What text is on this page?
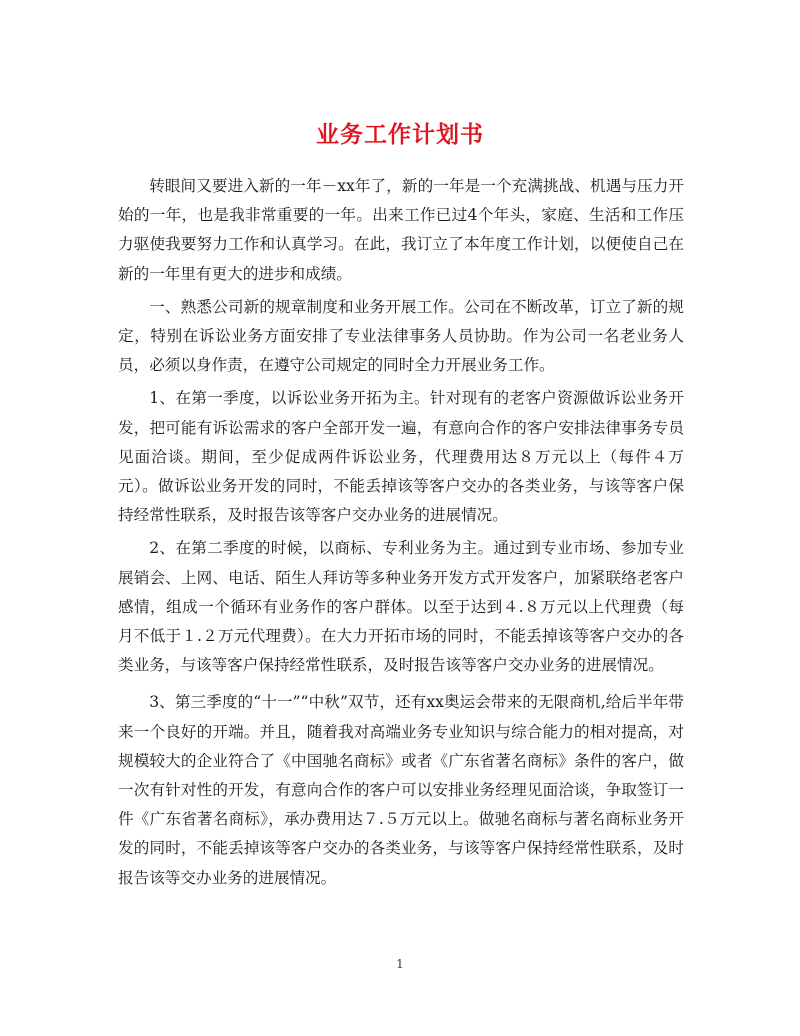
业务工作计划书

转眼间又要进入新的一年－xx年了，新的一年是一个充满挑战、机遇与压力开始的一年，也是我非常重要的一年。出来工作已过4个年头，家庭、生活和工作压力驱使我要努力工作和认真学习。在此，我订立了本年度工作计划，以便使自己在新的一年里有更大的进步和成绩。

一、熟悉公司新的规章制度和业务开展工作。公司在不断改革，订立了新的规定，特别在诉讼业务方面安排了专业法律事务人员协助。作为公司一名老业务人员，必须以身作责，在遵守公司规定的同时全力开展业务工作。

1、在第一季度，以诉讼业务开拓为主。针对现有的老客户资源做诉讼业务开发，把可能有诉讼需求的客户全部开发一遍，有意向合作的客户安排法律事务专员见面洽谈。期间，至少促成两件诉讼业务，代理费用达８万元以上（每件４万元）。做诉讼业务开发的同时，不能丢掉该等客户交办的各类业务，与该等客户保持经常性联系，及时报告该等客户交办业务的进展情况。

2、在第二季度的时候，以商标、专利业务为主。通过到专业市场、参加专业展销会、上网、电话、陌生人拜访等多种业务开发方式开发客户，加紧联络老客户感情，组成一个循环有业务作的客户群体。以至于达到４.８万元以上代理费（每月不低于１.２万元代理费）。在大力开拓市场的同时，不能丢掉该等客户交办的各类业务，与该等客户保持经常性联系，及时报告该等客户交办业务的进展情况。

3、第三季度的“十一”“中秋”双节，还有xx奥运会带来的无限商机,给后半年带来一个良好的开端。并且，随着我对高端业务专业知识与综合能力的相对提高，对规模较大的企业符合了《中国驰名商标》或者《广东省著名商标》条件的客户，做一次有针对性的开发，有意向合作的客户可以安排业务经理见面洽谈，争取签订一件《广东省著名商标》，承办费用达７.５万元以上。做驰名商标与著名商标业务开发的同时，不能丢掉该等客户交办的各类业务，与该等客户保持经常性联系，及时报告该等交办业务的进展情况。

1
